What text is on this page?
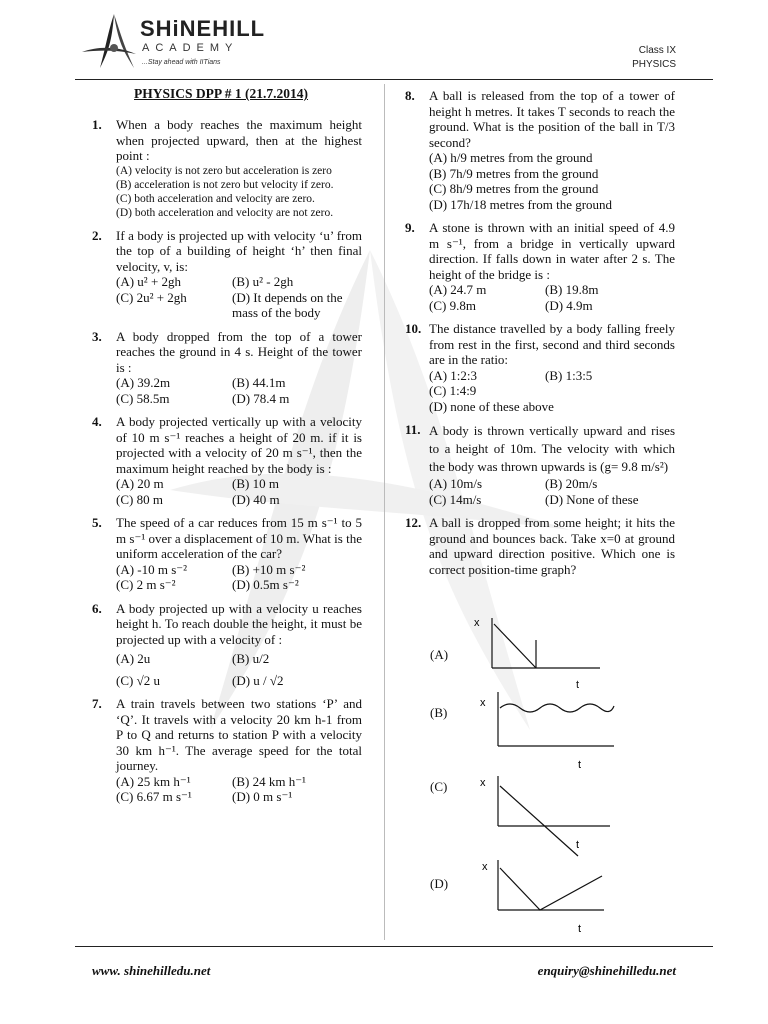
SHiNEHILL
ACADEMY
...Stay ahead with IITians
Class IX
PHYSICS
PHYSICS DPP # 1 (21.7.2014)
1.	When a body reaches the maximum height when projected upward, then at the highest point :
(A) velocity is not zero but acceleration is zero
(B) acceleration is not zero but velocity if zero.
(C) both acceleration and velocity are zero.
(D) both acceleration and velocity are not zero.
2.	If a body is projected up with velocity ‘u’ from the top of a building of height ‘h’ then final velocity, v, is:
(A) u² + 2gh	(B) u² - 2gh
(C) 2u² + 2gh	(D) It depends on the mass of the body
3.	A body dropped from the top of a tower reaches the ground in 4 s. Height of the tower is :
(A) 39.2m	(B) 44.1m
(C) 58.5m	(D) 78.4 m
4.	A body projected vertically up with a velocity of 10 m s⁻¹ reaches a height of 20 m. if it is projected with a velocity of 20 m s⁻¹, then the maximum height reached by the body is :
(A) 20 m	(B) 10 m
(C) 80 m	(D) 40 m
5.	The speed of a car reduces from 15 m s⁻¹ to 5 m s⁻¹ over a displacement of 10 m. What is the uniform acceleration of the car?
(A) -10 m s⁻²	(B) +10 m s⁻²
(C) 2 m s⁻²	(D) 0.5m s⁻²
6.	A body projected up with a velocity u reaches height h. To reach double the height, it must be projected up with a velocity of :
(A) 2u	(B) u/2
(C) √2 u	(D) u / √2
7.	A train travels between two stations ‘P’ and ‘Q’. It travels with a velocity 20 km h-1 from P to Q and returns to station P with a velocity 30 km h⁻¹. The average speed for the total journey.
(A) 25 km h⁻¹	(B) 24 km h⁻¹
(C) 6.67 m s⁻¹	(D) 0 m s⁻¹
8.	A ball is released from the top of a tower of height h metres. It takes T seconds to reach the ground. What is the position of the ball in T/3 second?
(A) h/9 metres from the ground
(B) 7h/9 metres from the ground
(C) 8h/9 metres from the ground
(D) 17h/18 metres from the ground
9.	A stone is thrown with an initial speed of 4.9 m s⁻¹, from a bridge in vertically upward direction. If falls down in water after 2 s. The height of the bridge is :
(A) 24.7 m	(B) 19.8m
(C) 9.8m	(D) 4.9m
10. The distance travelled by a body falling freely from rest in the first, second and third seconds are in the ratio:
(A) 1:2:3	(B) 1:3:5
(C) 1:4:9
(D) none of these above
11. A body is thrown vertically upward and rises to a height of 10m. The velocity with which the body was thrown upwards is (g= 9.8 m/s²)
(A) 10m/s	(B) 20m/s
(C) 14m/s	(D) None of these
12. A ball is dropped from some height; it hits the ground and bounces back. Take x=0 at ground and upward direction positive. Which one is correct position-time graph?
(A)
x
t
(B)
x
t
(C)	x
t
(D)
x
t
www. shinehilledu.net	enquiry@shinehilledu.net
